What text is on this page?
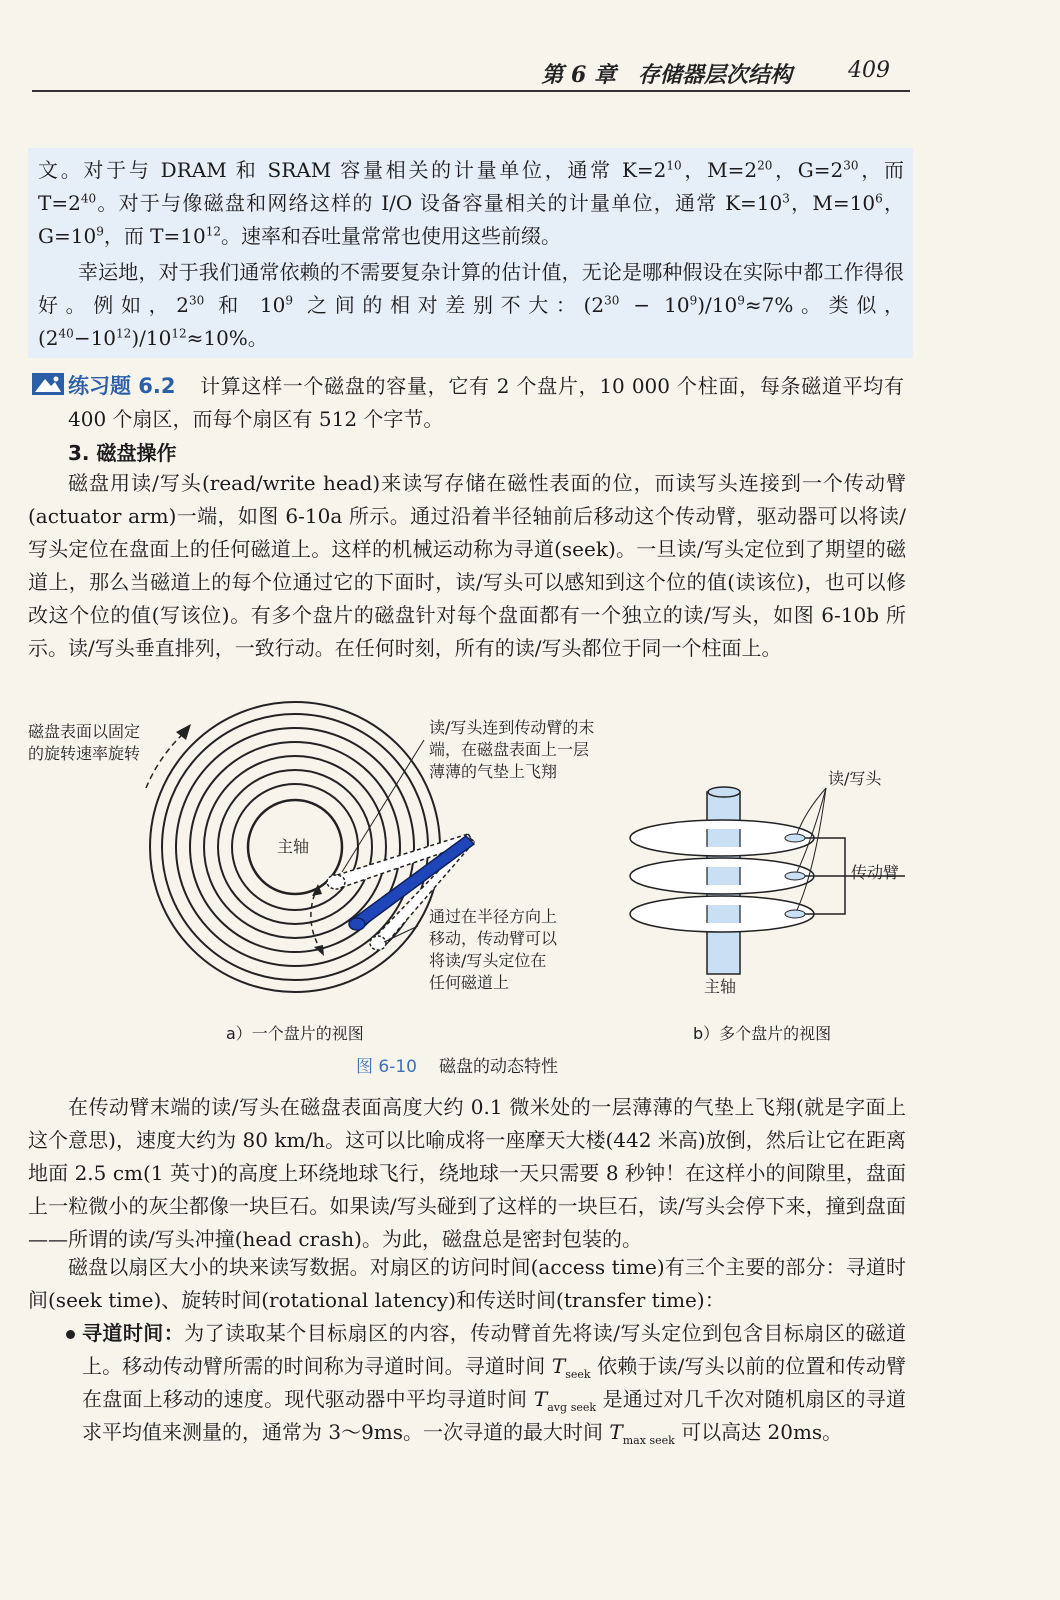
第 6 章　存储器层次结构	409

文。对于与 DRAM 和 SRAM 容量相关的计量单位，通常 $K=2^{10}$，$M=2^{20}$，$G=2^{30}$，而 $T=2^{40}$。对于与像磁盘和网络这样的 I/O 设备容量相关的计量单位，通常 $K=10^3$，$M=10^6$，$G=10^9$，而 $T=10^{12}$。速率和吞吐量常常也使用这些前缀。

幸运地，对于我们通常依赖的不需要复杂计算的估计值，无论是哪种假设在实际中都工作得很好。例如，$2^{30}$ 和 $10^9$ 之间的相对差别不大：$(2^{30} - 10^9)/10^9\approx 7\%$。类似，$(2^{40}-10^{12})/10^{12}\approx 10\%$。

练习题 6.2	计算这样一个磁盘的容量，它有 2 个盘片，10 000 个柱面，每条磁道平均有 400 个扇区，而每个扇区有 512 个字节。

3. 磁盘操作

磁盘用读/写头(read/write head)来读写存储在磁性表面的位，而读写头连接到一个传动臂(actuator arm)一端，如图 6-10a 所示。通过沿着半径轴前后移动这个传动臂，驱动器可以将读/写头定位在盘面上的任何磁道上。这样的机械运动称为寻道(seek)。一旦读/写头定位到了期望的磁道上，那么当磁道上的每个位通过它的下面时，读/写头可以感知到这个位的值(读该位)，也可以修改这个位的值(写该位)。有多个盘片的磁盘针对每个盘面都有一个独立的读/写头，如图 6-10b 所示。读/写头垂直排列，一致行动。在任何时刻，所有的读/写头都位于同一个柱面上。

磁盘表面以固定
的旋转速率旋转
读/写头连到传动臂的末
端，在磁盘表面上一层
薄薄的气垫上飞翔
主轴
通过在半径方向上
移动，传动臂可以
将读/写头定位在
任何磁道上
读/写头
传动臂
主轴
a）一个盘片的视图	b）多个盘片的视图
图 6-10 磁盘的动态特性

在传动臂末端的读/写头在磁盘表面高度大约 0.1 微米处的一层薄薄的气垫上飞翔(就是字面上这个意思)，速度大约为 80 km/h。这可以比喻成将一座摩天大楼(442 米高)放倒，然后让它在距离地面 2.5 cm(1 英寸)的高度上环绕地球飞行，绕地球一天只需要 8 秒钟！在这样小的间隙里，盘面上一粒微小的灰尘都像一块巨石。如果读/写头碰到了这样的一块巨石，读/写头会停下来，撞到盘面——所谓的读/写头冲撞(head crash)。为此，磁盘总是密封包装的。

磁盘以扇区大小的块来读写数据。对扇区的访问时间(access time)有三个主要的部分：寻道时间(seek time)、旋转时间(rotational latency)和传送时间(transfer time)：

寻道时间：为了读取某个目标扇区的内容，传动臂首先将读/写头定位到包含目标扇区的磁道上。移动传动臂所需的时间称为寻道时间。寻道时间 $T_{seek}$ 依赖于读/写头以前的位置和传动臂在盘面上移动的速度。现代驱动器中平均寻道时间 $T_{avg seek}$ 是通过对几千次对随机扇区的寻道求平均值来测量的，通常为 3～9ms。一次寻道的最大时间 $T_{max seek}$ 可以高达 20ms。
